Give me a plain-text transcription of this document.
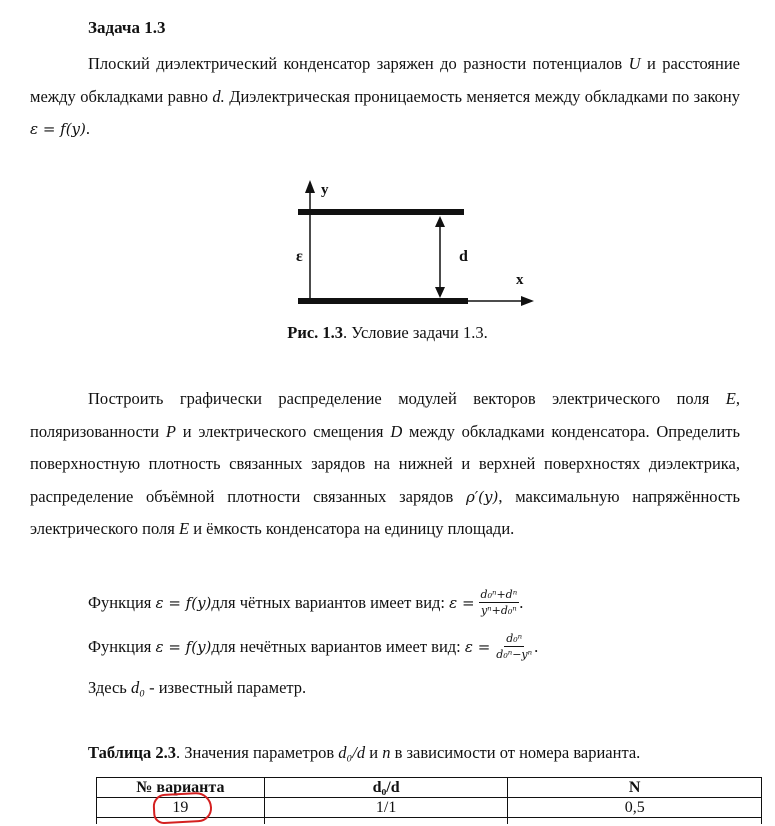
Задача 1.3
Плоский диэлектрический конденсатор заряжен до разности потенциалов U и расстояние между обкладками равно d. Диэлектрическая проницаемость меняется между обкладками по закону ε = f(y).
y
x
ε	d
Рис. 1.3. Условие задачи 1.3.
Построить графически распределение модулей векторов электрического поля E, поляризованности P и электрического смещения D между обкладками конденсатора. Определить поверхностную плотность связанных зарядов на нижней и верхней поверхностях диэлектрика, распределение объёмной плотности связанных зарядов ρ′(y), максимальную напряжённость электрического поля E и ёмкость конденсатора на единицу площади.
Функция
ε = f(y) для чётных вариантов имеет вид:
$\varepsilon = \frac{\text{d₀ⁿ+dⁿ}}{\text{yⁿ+d₀ⁿ}}$ .
Функция
ε = f(y) для нечётных вариантов имеет вид:
$\varepsilon = \frac{\text{d₀ⁿ}}{\text{d₀ⁿ−yⁿ}}$ .
Здесь d₀ - известный параметр.
Таблица 2.3. Значения параметров d₀/d и n в зависимости от номера варианта.
№ варианта	d₀/d	N
19	1/1	0,5
